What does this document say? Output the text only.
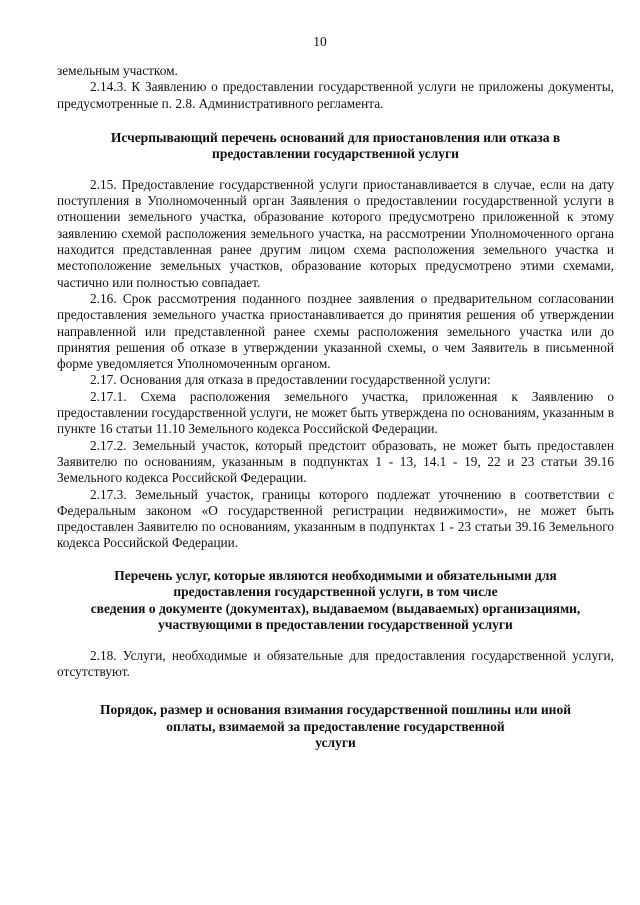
10

земельным участком.

2.14.3. К Заявлению о предоставлении государственной услуги не приложены документы, предусмотренные п. 2.8. Административного регламента.

Исчерпывающий перечень оснований для приостановления или отказа в
предоставлении государственной услуги

2.15. Предоставление государственной услуги приостанавливается в случае, если на дату поступления в Уполномоченный орган Заявления о предоставлении государственной услуги в отношении земельного участка, образование которого предусмотрено приложенной к этому заявлению схемой расположения земельного участка, на рассмотрении Уполномоченного органа находится представленная ранее другим лицом схема расположения земельного участка и местоположение земельных участков, образование которых предусмотрено этими схемами, частично или полностью совпадает.

2.16. Срок рассмотрения поданного позднее заявления о предварительном согласовании предоставления земельного участка приостанавливается до принятия решения об утверждении направленной или представленной ранее схемы расположения земельного участка или до принятия решения об отказе в утверждении указанной схемы, о чем Заявитель в письменной форме уведомляется Уполномоченным органом.

2.17. Основания для отказа в предоставлении государственной услуги:

2.17.1. Схема расположения земельного участка, приложенная к Заявлению о предоставлении государственной услуги, не может быть утверждена по основаниям, указанным в пункте 16 статьи 11.10 Земельного кодекса Российской Федерации.

2.17.2. Земельный участок, который предстоит образовать, не может быть предоставлен Заявителю по основаниям, указанным в подпунктах 1 - 13, 14.1 - 19, 22 и 23 статьи 39.16 Земельного кодекса Российской Федерации.

2.17.3. Земельный участок, границы которого подлежат уточнению в соответствии с Федеральным законом «О государственной регистрации недвижимости», не может быть предоставлен Заявителю по основаниям, указанным в подпунктах 1 - 23 статьи 39.16 Земельного кодекса Российской Федерации.

Перечень услуг, которые являются необходимыми и обязательными для
предоставления государственной услуги, в том числе
сведения о документе (документах), выдаваемом (выдаваемых) организациями,
участвующими в предоставлении государственной услуги

2.18. Услуги, необходимые и обязательные для предоставления государственной услуги, отсутствуют.

Порядок, размер и основания взимания государственной пошлины или иной
оплаты, взимаемой за предоставление государственной
услуги
